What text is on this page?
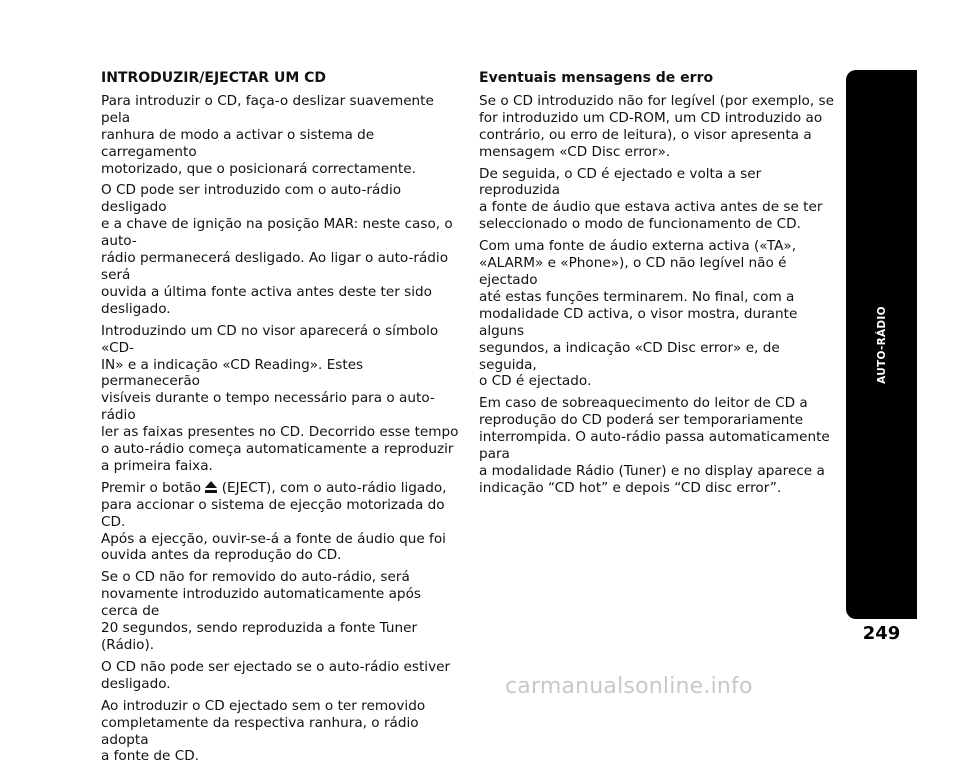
INTRODUZIR/EJECTAR UM CD

Para introduzir o CD, faça-o deslizar suavemente pela
ranhura de modo a activar o sistema de carregamento
motorizado, que o posicionará correctamente.

O CD pode ser introduzido com o auto-rádio desligado
e a chave de ignição na posição MAR: neste caso, o auto-
rádio permanecerá desligado. Ao ligar o auto-rádio será
ouvida a última fonte activa antes deste ter sido
desligado.

Introduzindo um CD no visor aparecerá o símbolo «CD-
IN» e a indicação «CD Reading». Estes permanecerão
visíveis durante o tempo necessário para o auto-rádio
ler as faixas presentes no CD. Decorrido esse tempo
o auto-rádio começa automaticamente a reproduzir
a primeira faixa.

Premir o botão  (EJECT), com o auto-rádio ligado,
para accionar o sistema de ejecção motorizada do CD.
Após a ejecção, ouvir-se-á a fonte de áudio que foi
ouvida antes da reprodução do CD.

Se o CD não for removido do auto-rádio, será
novamente introduzido automaticamente após cerca de
20 segundos, sendo reproduzida a fonte Tuner (Rádio).

O CD não pode ser ejectado se o auto-rádio estiver
desligado.

Ao introduzir o CD ejectado sem o ter removido
completamente da respectiva ranhura, o rádio adopta
a fonte de CD.

Eventuais mensagens de erro

Se o CD introduzido não for legível (por exemplo, se
for introduzido um CD-ROM, um CD introduzido ao
contrário, ou erro de leitura), o visor apresenta a
mensagem «CD Disc error».

De seguida, o CD é ejectado e volta a ser reproduzida
a fonte de áudio que estava activa antes de se ter
seleccionado o modo de funcionamento de CD.

Com uma fonte de áudio externa activa («TA»,
«ALARM» e «Phone»), o CD não legível não é ejectado
até estas funções terminarem. No final, com a
modalidade CD activa, o visor mostra, durante alguns
segundos, a indicação «CD Disc error» e, de seguida,
o CD é ejectado.

Em caso de sobreaquecimento do leitor de CD a
reprodução do CD poderá ser temporariamente
interrompida. O auto-rádio passa automaticamente para
a modalidade Rádio (Tuner) e no display aparece a
indicação “CD hot” e depois “CD disc error”.

AUTO-RÁDIO
249
carmanualsonline.info
